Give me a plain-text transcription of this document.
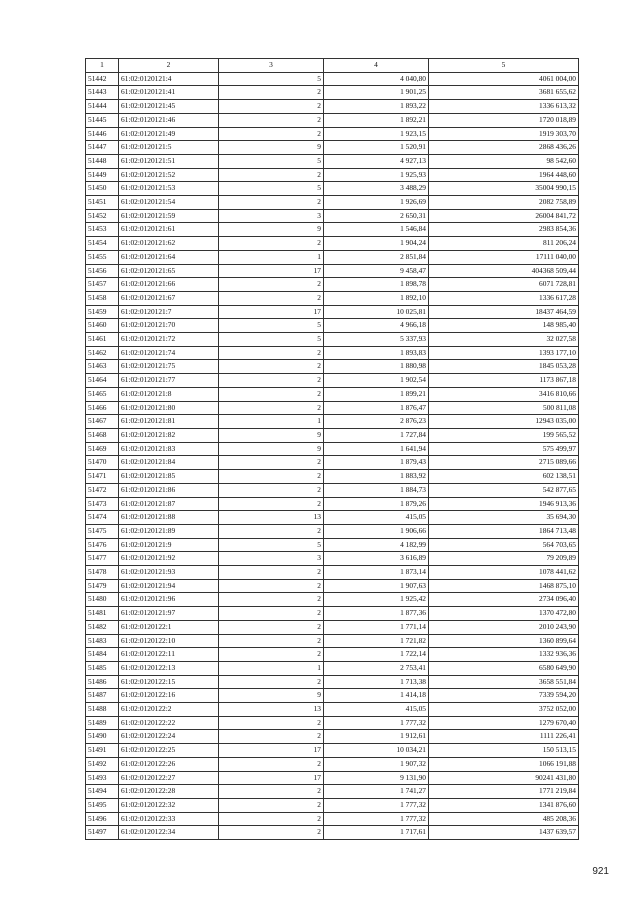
1	2	3	4	5
51442	61:02:0120121:4	5	4 040,80	4061 004,00
51443	61:02:0120121:41	2	1 901,25	3681 655,62
51444	61:02:0120121:45	2	1 893,22	1336 613,32
51445	61:02:0120121:46	2	1 892,21	1720 018,89
51446	61:02:0120121:49	2	1 923,15	1919 303,70
51447	61:02:0120121:5	9	1 520,91	2868 436,26
51448	61:02:0120121:51	5	4 927,13	98 542,60
51449	61:02:0120121:52	2	1 925,93	1964 448,60
51450	61:02:0120121:53	5	3 488,29	35004 990,15
51451	61:02:0120121:54	2	1 926,69	2082 758,89
51452	61:02:0120121:59	3	2 650,31	26004 841,72
51453	61:02:0120121:61	9	1 546,84	2983 854,36
51454	61:02:0120121:62	2	1 904,24	811 206,24
51455	61:02:0120121:64	1	2 851,84	17111 040,00
51456	61:02:0120121:65	17	9 458,47	404368 509,44
51457	61:02:0120121:66	2	1 898,78	6071 728,81
51458	61:02:0120121:67	2	1 892,10	1336 617,28
51459	61:02:0120121:7	17	10 025,81	18437 464,59
51460	61:02:0120121:70	5	4 966,18	148 985,40
51461	61:02:0120121:72	5	5 337,93	32 027,58
51462	61:02:0120121:74	2	1 893,83	1393 177,10
51463	61:02:0120121:75	2	1 880,98	1845 053,28
51464	61:02:0120121:77	2	1 902,54	1173 867,18
51465	61:02:0120121:8	2	1 899,21	3416 810,66
51466	61:02:0120121:80	2	1 876,47	500 811,08
51467	61:02:0120121:81	1	2 876,23	12943 035,00
51468	61:02:0120121:82	9	1 727,84	199 565,52
51469	61:02:0120121:83	9	1 641,94	575 499,97
51470	61:02:0120121:84	2	1 879,43	2715 089,66
51471	61:02:0120121:85	2	1 883,92	602 138,51
51472	61:02:0120121:86	2	1 884,73	542 877,65
51473	61:02:0120121:87	2	1 879,26	1946 913,36
51474	61:02:0120121:88	13	415,05	35 694,30
51475	61:02:0120121:89	2	1 906,66	1864 713,48
51476	61:02:0120121:9	5	4 182,99	564 703,65
51477	61:02:0120121:92	3	3 616,89	79 209,89
51478	61:02:0120121:93	2	1 873,14	1078 441,62
51479	61:02:0120121:94	2	1 907,63	1468 875,10
51480	61:02:0120121:96	2	1 925,42	2734 096,40
51481	61:02:0120121:97	2	1 877,36	1370 472,80
51482	61:02:0120122:1	2	1 771,14	2010 243,90
51483	61:02:0120122:10	2	1 721,82	1360 899,64
51484	61:02:0120122:11	2	1 722,14	1332 936,36
51485	61:02:0120122:13	1	2 753,41	6580 649,90
51486	61:02:0120122:15	2	1 713,38	3658 551,84
51487	61:02:0120122:16	9	1 414,18	7339 594,20
51488	61:02:0120122:2	13	415,05	3752 052,00
51489	61:02:0120122:22	2	1 777,32	1279 670,40
51490	61:02:0120122:24	2	1 912,61	1111 226,41
51491	61:02:0120122:25	17	10 034,21	150 513,15
51492	61:02:0120122:26	2	1 907,32	1066 191,88
51493	61:02:0120122:27	17	9 131,90	90241 431,80
51494	61:02:0120122:28	2	1 741,27	1771 219,84
51495	61:02:0120122:32	2	1 777,32	1341 876,60
51496	61:02:0120122:33	2	1 777,32	485 208,36
51497	61:02:0120122:34	2	1 717,61	1437 639,57
921
